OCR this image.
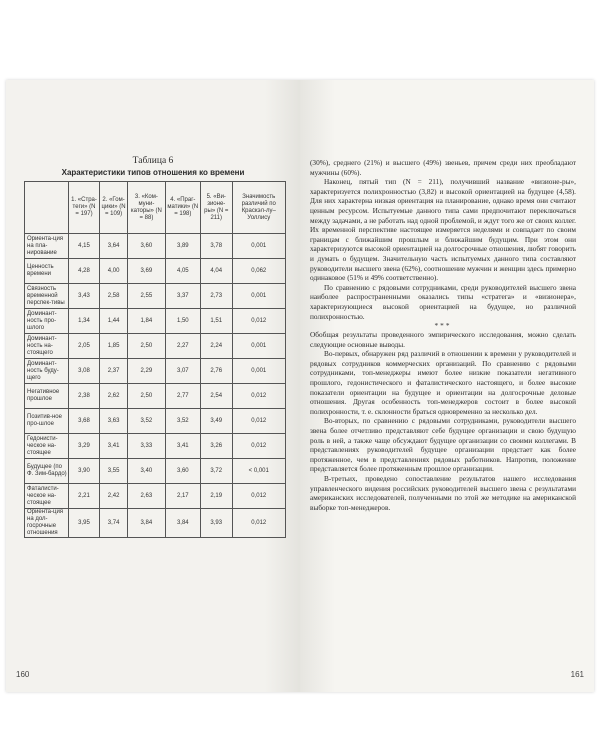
Таблица 6
Характеристики типов отношения ко времени
	1. «Стра-теги» (N = 197)	2. «Гом-цики» (N = 109)	3. «Ком-муни-каторы» (N = 88)	4. «Праг-матики» (N = 198)	5. «Ви-зионе-ры» (N = 211)	Значимость различий по Краскэл-лу–Уоллису
Ориента-ция на пла-нирование	4,15	3,64	3,60	3,89	3,78	0,001
Ценность времени	4,28	4,00	3,69	4,05	4,04	0,062
Связность временной перспек-тивы	3,43	2,58	2,55	3,37	2,73	0,001
Доминант-ность про-шлого	1,34	1,44	1,84	1,50	1,51	0,012
Доминант-ность на-стоящего	2,05	1,85	2,50	2,27	2,24	0,001
Доминант-ность буду-щего	3,08	2,37	2,29	3,07	2,76	0,001
Негативное прошлое	2,38	2,62	2,50	2,77	2,54	0,012
Позитив-ное про-шлое	3,68	3,63	3,52	3,52	3,49	0,012
Гедонисти-ческое на-стоящее	3,29	3,41	3,33	3,41	3,26	0,012
Будущее (по Ф. Зим-бардо)	3,90	3,55	3,40	3,60	3,72	< 0,001
Фаталисти-ческое на-стоящее	2,21	2,42	2,63	2,17	2,19	0,012
Ориента-ция на дол-госрочные отношения	3,95	3,74	3,84	3,84	3,93	0,012
160

(30%), среднего (21%) и высшего (49%) звеньев, причем среди них преобладают мужчины (60%).

Наконец, пятый тип (N = 211), получивший название «визионе-ры», характеризуется полихронностью (3,82) и высокой ориентацией на будущее (4,58). Для них характерна низкая ориентация на планирование, однако время они считают ценным ресурсом. Испытуемые данного типа сами предпочитают переключаться между задачами, а не работать над одной проблемой, и ждут того же от своих коллег. Их временной перспективе настоящее измеряется неделями и совпадает по своим границам с ближайшим прошлым и ближайшим будущим. При этом они характеризуются высокой ориентацией на долгосрочные отношения, любят говорить и думать о будущем. Значительную часть испытуемых данного типа составляют руководители высшего звена (62%), соотношение мужчин и женщин здесь примерно одинаковое (51% и 49% соответственно).

По сравнению с рядовыми сотрудниками, среди руководителей высшего звена наиболее распространенными оказались типы «стратега» и «визионера», характеризующиеся высокой ориентацией на будущее, но различной полихронностью.

***

Обобщая результаты проведенного эмпирического исследования, можно сделать следующие основные выводы.

Во-первых, обнаружен ряд различий в отношении к времени у руководителей и рядовых сотрудников коммерческих организаций. По сравнению с рядовыми сотрудниками, топ-менеджеры имеют более низкие показатели негативного прошлого, гедонистического и фаталистического настоящего, и более высокие показатели ориентации на будущее и ориентации на долгосрочные деловые отношения. Другая особенность топ-менеджеров состоит в более высокой полихронности, т. е. склонности браться одновременно за несколько дел.

Во-вторых, по сравнению с рядовыми сотрудниками, руководители высшего звена более отчетливо представляют себе будущее организации и свою будущую роль в ней, а также чаще обсуждают будущее организации со своими коллегами. В представлениях руководителей будущее организации предстает как более протяженное, чем в представлениях рядовых работников. Напротив, положение представляется более протяженным прошлое организации.

В-третьих, проведено сопоставление результатов нашего исследования управленческого видения российских руководителей высшего звена с результатами американских исследователей, полученными по этой же методике на американской выборке топ-менеджеров.

161
